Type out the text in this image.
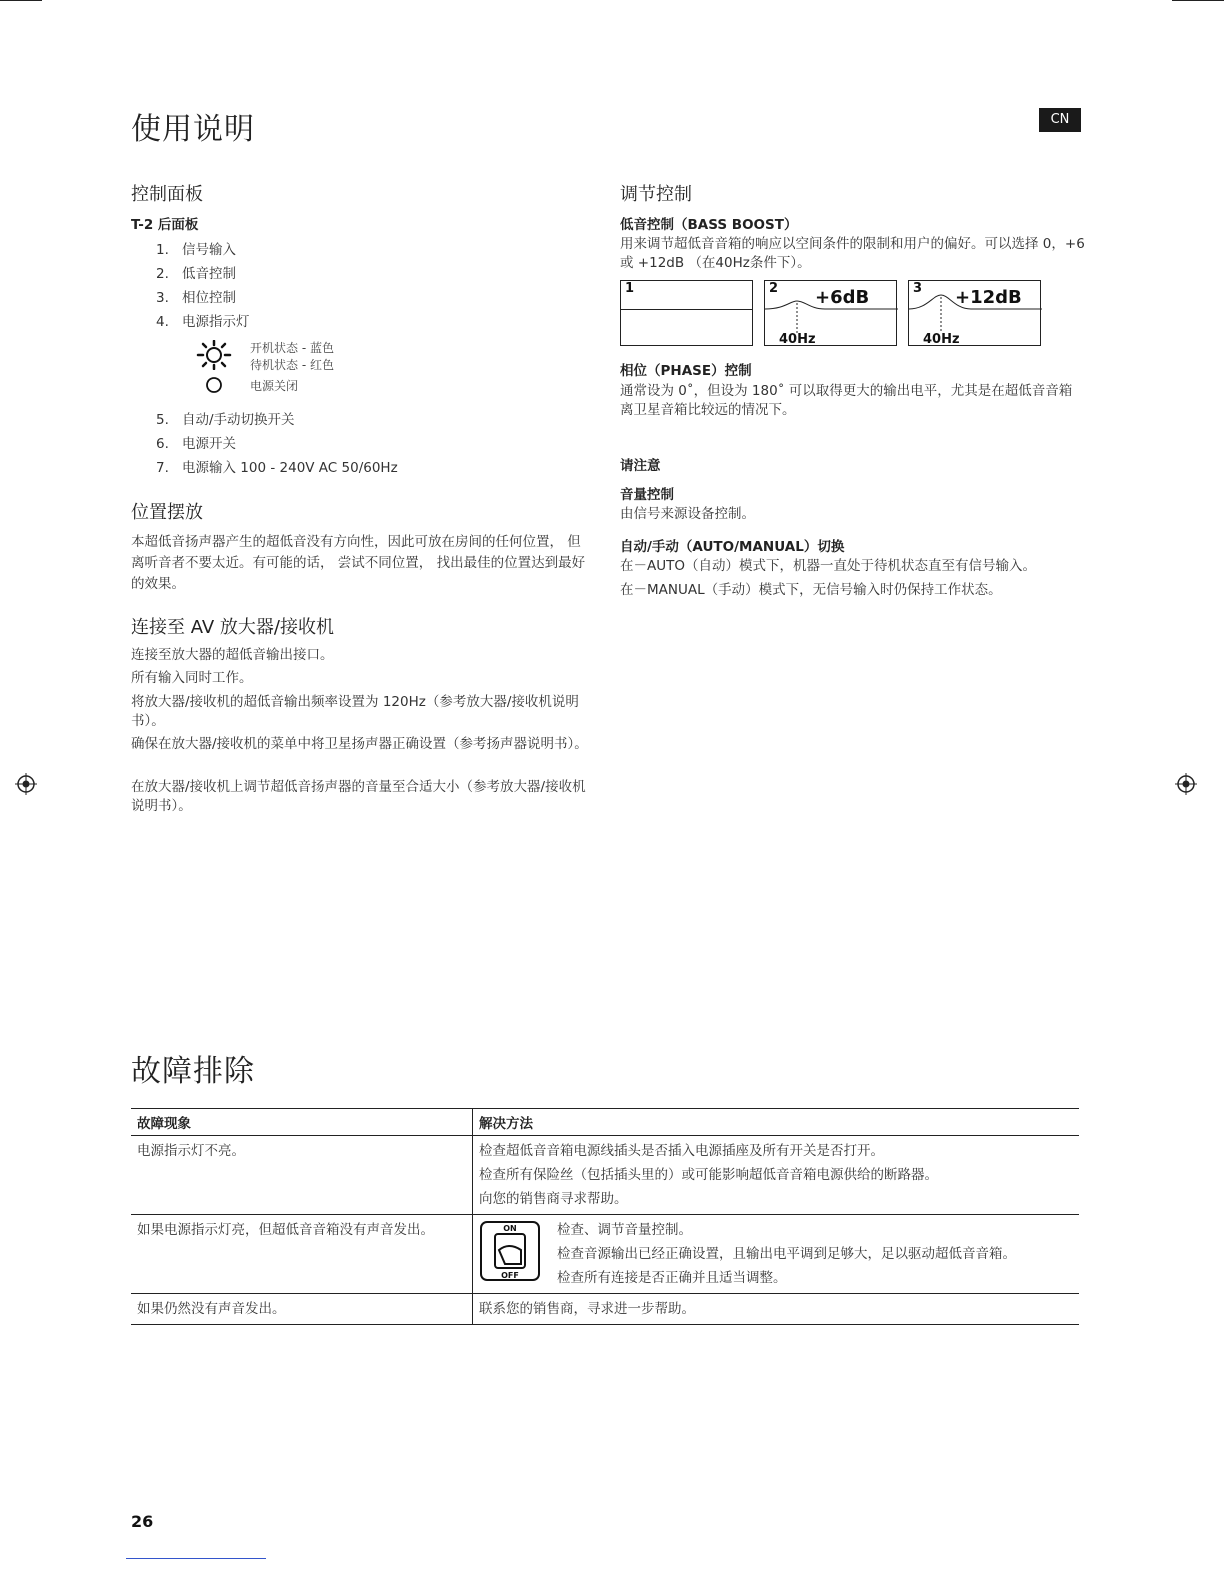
使用说明	CN
控制面板
T-2 后面板
1. 信号输入
2. 低音控制
3. 相位控制
4. 电源指示灯
开机状态 - 蓝色
待机状态 - 红色
电源关闭
5. 自动/手动切换开关
6. 电源开关
7. 电源输入 100 - 240V AC 50/60Hz
位置摆放
本超低音扬声器产生的超低音没有方向性，因此可放在房间的任何位置， 但离听音者不要太近。有可能的话， 尝试不同位置， 找出最佳的位置达到最好的效果。
连接至 AV 放大器/接收机
连接至放大器的超低音输出接口。
所有输入同时工作。
将放大器/接收机的超低音输出频率设置为 120Hz（参考放大器/接收机说明书）。
确保在放大器/接收机的菜单中将卫星扬声器正确设置（参考扬声器说明书）。
在放大器/接收机上调节超低音扬声器的音量至合适大小（参考放大器/接收机说明书）。
调节控制
低音控制（BASS BOOST）
用来调节超低音音箱的响应以空间条件的限制和用户的偏好。可以选择 0，+6 或 +12dB （在40Hz条件下）。
1	2 +6dB
40Hz
3 +12dB
40Hz
相位（PHASE）控制
通常设为 0˚，但设为 180˚ 可以取得更大的输出电平，尤其是在超低音音箱离卫星音箱比较远的情况下。
请注意
音量控制
由信号来源设备控制。
自动/手动（AUTO/MANUAL）切换
在－AUTO（自动）模式下，机器一直处于待机状态直至有信号输入。
在－MANUAL（手动）模式下，无信号输入时仍保持工作状态。
故障排除
故障现象	解决方法
电源指示灯不亮。	检查超低音音箱电源线插头是否插入电源插座及所有开关是否打开。
检查所有保险丝（包括插头里的）或可能影响超低音音箱电源供给的断路器。
向您的销售商寻求帮助。

如果电源指示灯亮，但超低音音箱没有声音发出。	ON
OFF
检查、调节音量控制。
检查音源输出已经正确设置，且输出电平调到足够大，足以驱动超低音音箱。
检查所有连接是否正确并且适当调整。

如果仍然没有声音发出。	联系您的销售商，寻求进一步帮助。
26
